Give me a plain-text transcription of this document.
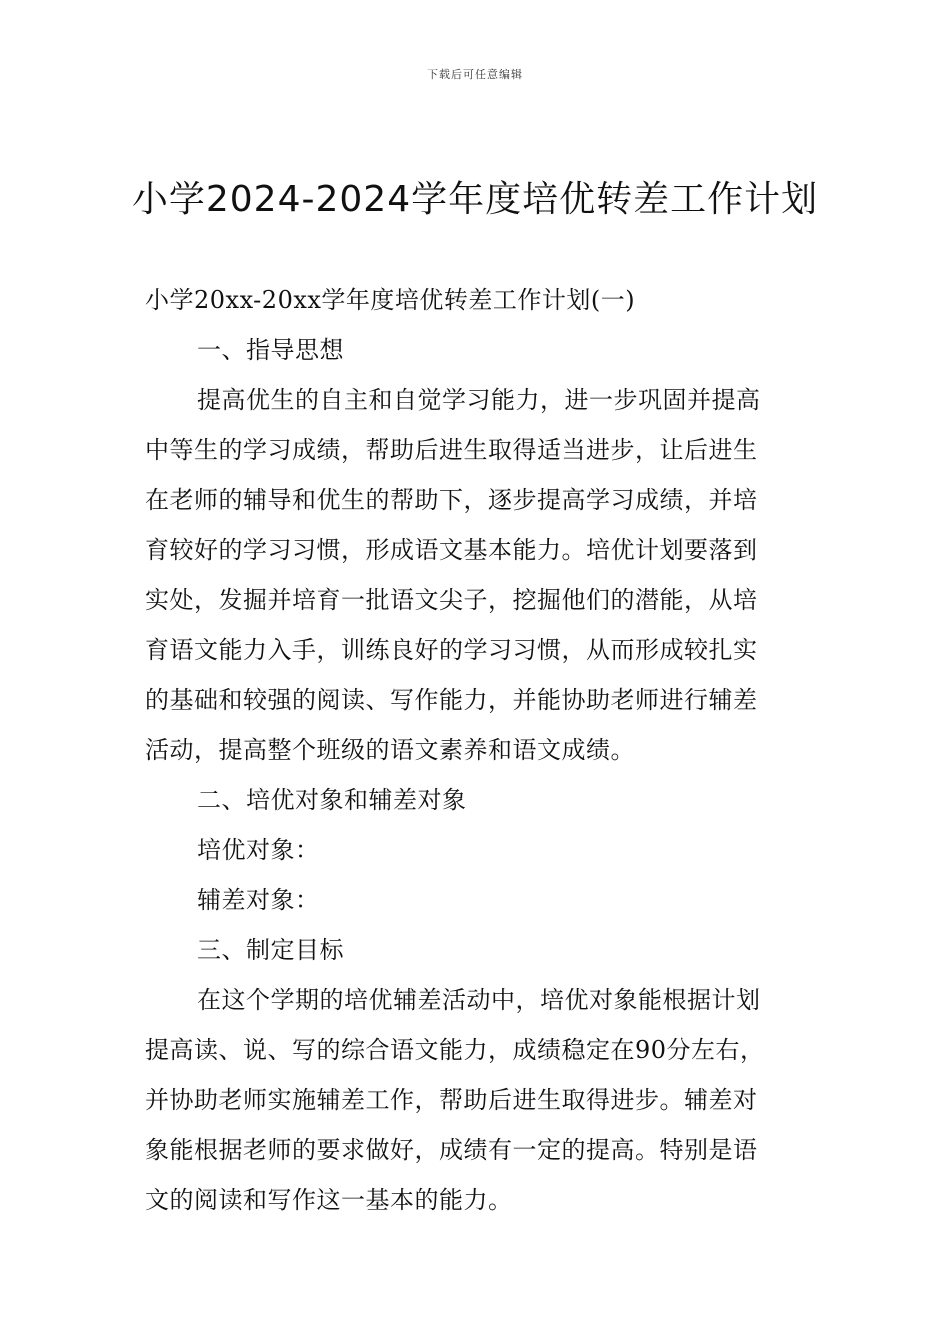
下载后可任意编辑
小学2024-2024学年度培优转差工作计划
小学20xx-20xx学年度培优转差工作计划(一)
一、指导思想
提高优生的自主和自觉学习能力，进一步巩固并提高
中等生的学习成绩，帮助后进生取得适当进步，让后进生
在老师的辅导和优生的帮助下，逐步提高学习成绩，并培
育较好的学习习惯，形成语文基本能力。培优计划要落到
实处，发掘并培育一批语文尖子，挖掘他们的潜能，从培
育语文能力入手，训练良好的学习习惯，从而形成较扎实
的基础和较强的阅读、写作能力，并能协助老师进行辅差
活动，提高整个班级的语文素养和语文成绩。
二、培优对象和辅差对象
培优对象：
辅差对象：
三、制定目标
在这个学期的培优辅差活动中，培优对象能根据计划
提高读、说、写的综合语文能力，成绩稳定在90分左右，
并协助老师实施辅差工作，帮助后进生取得进步。辅差对
象能根据老师的要求做好，成绩有一定的提高。特别是语
文的阅读和写作这一基本的能力。
